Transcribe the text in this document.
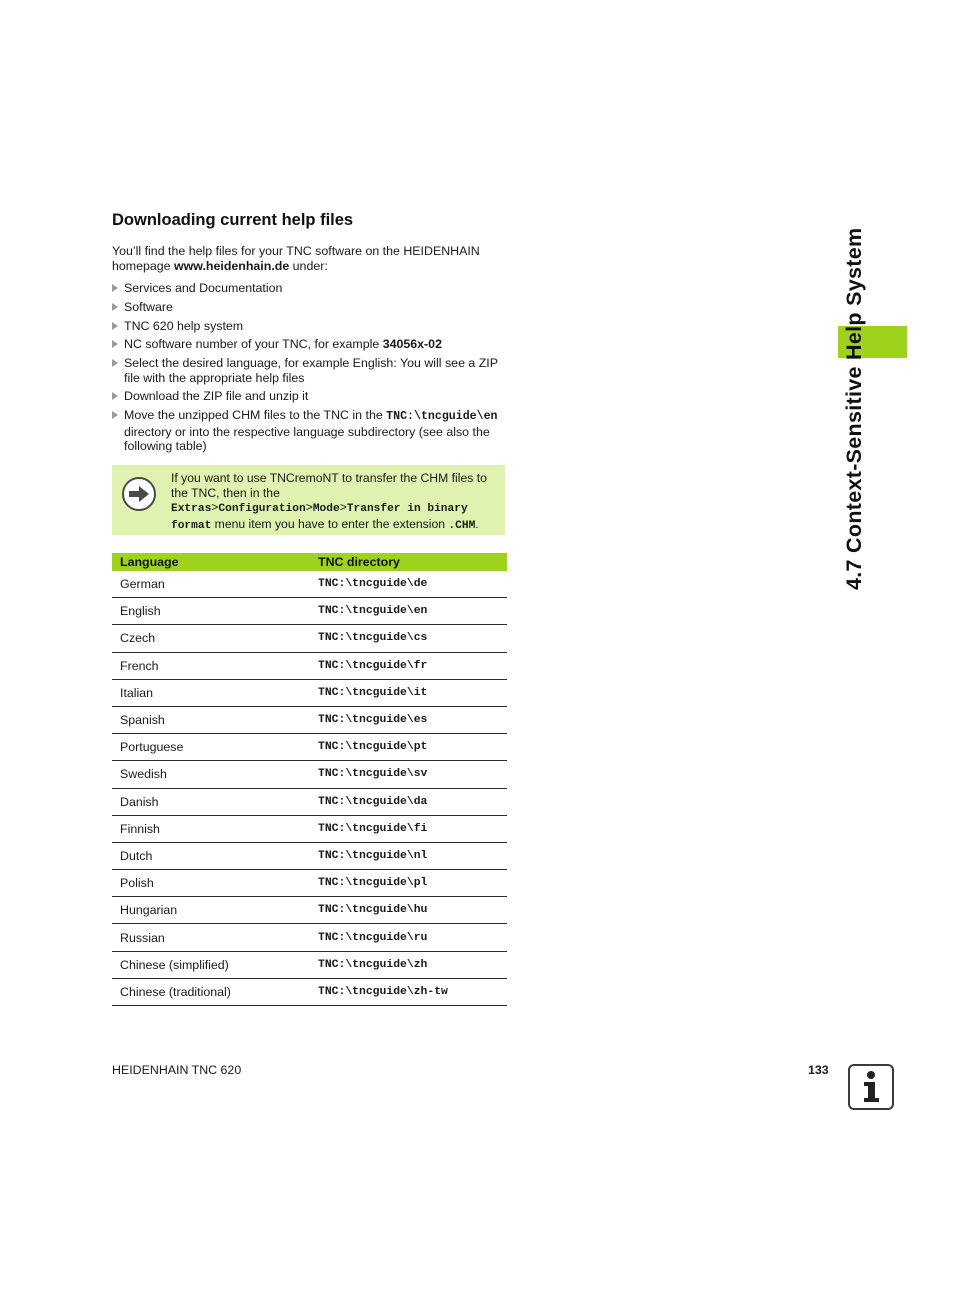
Downloading current help files
You’ll find the help files for your TNC software on the HEIDENHAIN homepage www.heidenhain.de under:
Services and Documentation
Software
TNC 620 help system
NC software number of your TNC, for example 34056x-02
Select the desired language, for example English: You will see a ZIP file with the appropriate help files
Download the ZIP file and unzip it
Move the unzipped CHM files to the TNC in the TNC:\tncguide\en directory or into the respective language subdirectory (see also the following table)
If you want to use TNCremoNT to transfer the CHM files to the TNC, then in the Extras>Configuration>Mode>Transfer in binary format menu item you have to enter the extension .CHM.
Language	TNC directory
German	TNC:\tncguide\de
English	TNC:\tncguide\en
Czech	TNC:\tncguide\cs
French	TNC:\tncguide\fr
Italian	TNC:\tncguide\it
Spanish	TNC:\tncguide\es
Portuguese	TNC:\tncguide\pt
Swedish	TNC:\tncguide\sv
Danish	TNC:\tncguide\da
Finnish	TNC:\tncguide\fi
Dutch	TNC:\tncguide\nl
Polish	TNC:\tncguide\pl
Hungarian	TNC:\tncguide\hu
Russian	TNC:\tncguide\ru
Chinese (simplified)	TNC:\tncguide\zh
Chinese (traditional)	TNC:\tncguide\zh-tw
4.7 Context-Sensitive Help System
HEIDENHAIN TNC 620	133
